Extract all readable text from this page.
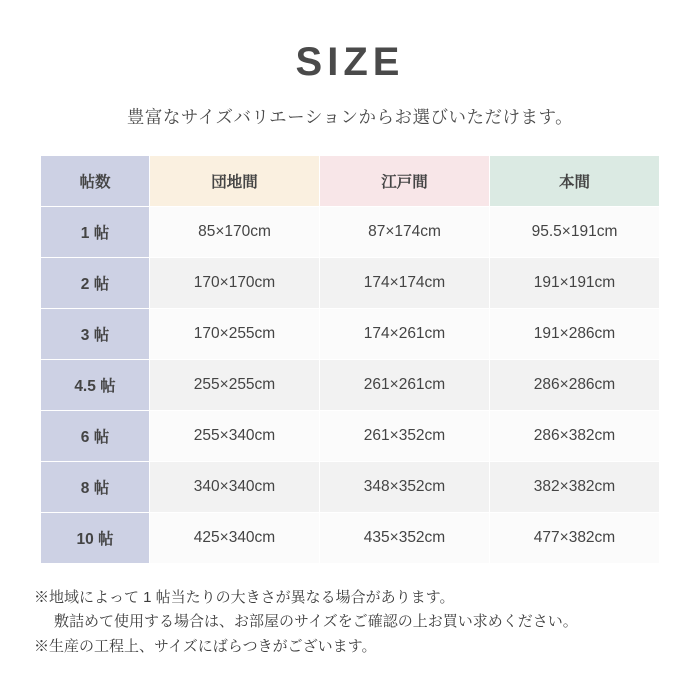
SIZE

豊富なサイズバリエーションからお選びいただけます。

帖数	団地間	江戸間	本間
1 帖	85×170cm	87×174cm	95.5×191cm
2 帖	170×170cm	174×174cm	191×191cm
3 帖	170×255cm	174×261cm	191×286cm
4.5 帖	255×255cm	261×261cm	286×286cm
6 帖	255×340cm	261×352cm	286×382cm
8 帖	340×340cm	348×352cm	382×382cm
10 帖	425×340cm	435×352cm	477×382cm
※地域によって 1 帖当たりの大きさが異なる場合があります。
敷詰めて使用する場合は、お部屋のサイズをご確認の上お買い求めください。
※生産の工程上、サイズにばらつきがございます。
